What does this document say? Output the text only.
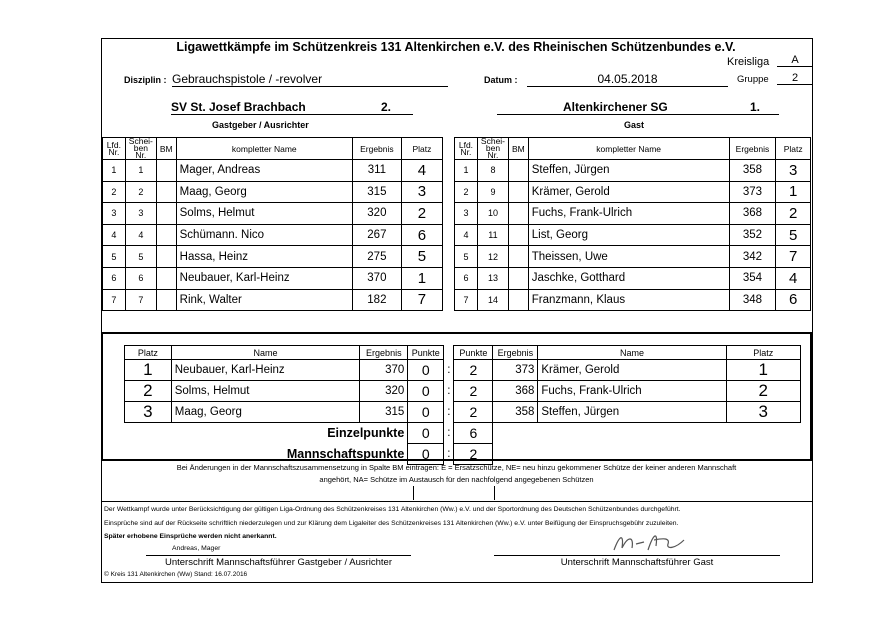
Ligawettkämpfe im Schützenkreis 131 Altenkirchen e.V. des Rheinischen Schützenbundes e.V.
Kreisliga	A
Gruppe	2
Disziplin : Gebrauchspistole / -revolver	Datum :	04.05.2018
SV St. Josef Brachbach	2.
Gastgeber / Ausrichter
Altenkirchener SG	1.

Gast
Lfd. Nr.	Schei-ben Nr.	BM	kompletter Name	Ergebnis	Platz
1	1		Mager, Andreas	311	4
2	2		Maag, Georg	315	3
3	3		Solms, Helmut	320	2
4	4		Schümann. Nico	267	6
5	5		Hassa, Heinz	275	5
6	6		Neubauer, Karl-Heinz	370	1
7	7		Rink, Walter	182	7
Lfd. Nr.	Schei-ben Nr.	BM	kompletter Name	Ergebnis	Platz
1	8		Steffen, Jürgen	358	3
2	9		Krämer, Gerold	373	1
3	10		Fuchs, Frank-Ulrich	368	2
4	11		List, Georg	352	5
5	12		Theissen, Uwe	342	7
6	13		Jaschke, Gotthard	354	4
7	14		Franzmann, Klaus	348	6
Platz	Name	Ergebnis	Punkte		Punkte	Ergebnis	Name	Platz
1	Neubauer, Karl-Heinz	370	0	:	2	373	Krämer, Gerold	1
2	Solms, Helmut	320	0	:	2	368	Fuchs, Frank-Ulrich	2
3	Maag, Georg	315	0	:	2	358	Steffen, Jürgen	3
	Einzelpunkte		0	:	6			
	Mannschaftspunkte		0	:	2			
Bei Änderungen in der Mannschaftszusammensetzung in Spalte BM eintragen: E = Ersatzschütze, NE= neu hinzu gekommener Schütze der keiner anderen Mannschaft
angehört, NA= Schütze im Austausch für den nachfolgend angegebenen Schützen
Der Wettkampf wurde unter Berücksichtigung der gültigen Liga-Ordnung des Schützenkreises 131 Altenkirchen (Ww.) e.V. und der Sportordnung des Deutschen Schützenbundes durchgeführt.
Einsprüche sind auf der Rückseite schriftlich niederzulegen und zur Klärung dem Ligaleiter des Schützenkreises 131 Altenkirchen (Ww.) e.V. unter Beifügung der Einspruchsgebühr zuzuleiten.
Später erhobene Einsprüche werden nicht anerkannt.
Andreas, Mager
Unterschrift Mannschaftsführer Gastgeber / Ausrichter	Unterschrift Mannschaftsführer Gast
© Kreis 131 Altenkirchen (Ww) Stand: 16.07.2016
